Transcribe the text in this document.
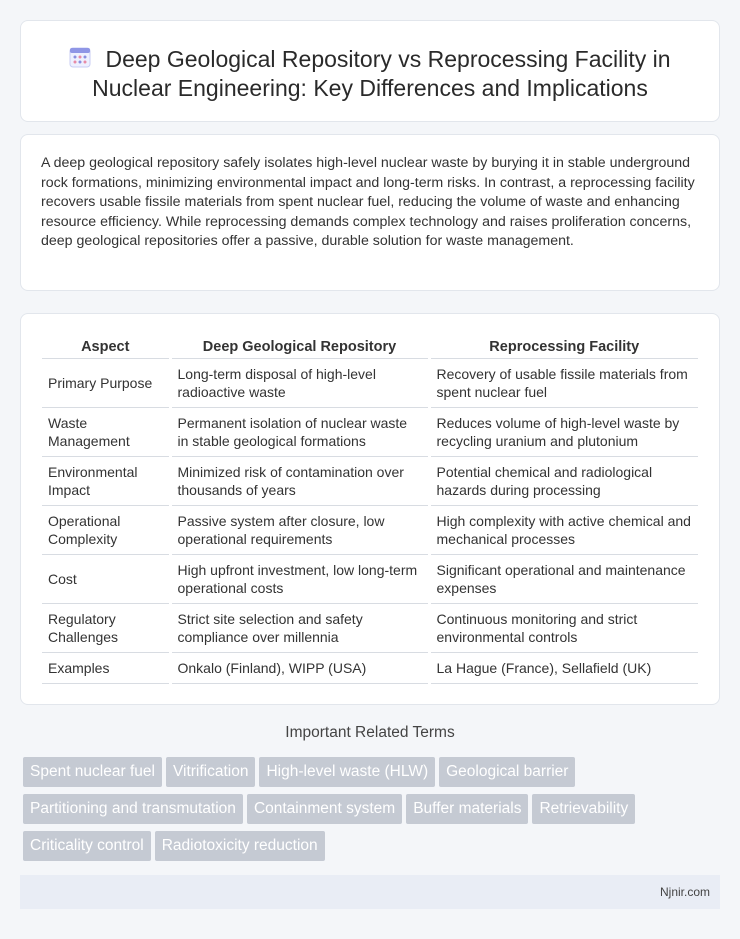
Deep Geological Repository vs Reprocessing Facility in Nuclear Engineering: Key Differences and Implications

A deep geological repository safely isolates high-level nuclear waste by burying it in stable underground rock formations, minimizing environmental impact and long-term risks. In contrast, a reprocessing facility recovers usable fissile materials from spent nuclear fuel, reducing the volume of waste and enhancing resource efficiency. While reprocessing demands complex technology and raises proliferation concerns, deep geological repositories offer a passive, durable solution for waste management.

Aspect	Deep Geological Repository	Reprocessing Facility
Primary Purpose	Long-term disposal of high-level radioactive waste	Recovery of usable fissile materials from spent nuclear fuel
Waste Management	Permanent isolation of nuclear waste in stable geological formations	Reduces volume of high-level waste by recycling uranium and plutonium
Environmental Impact	Minimized risk of contamination over thousands of years	Potential chemical and radiological hazards during processing
Operational Complexity	Passive system after closure, low operational requirements	High complexity with active chemical and mechanical processes
Cost	High upfront investment, low long-term operational costs	Significant operational and maintenance expenses
Regulatory Challenges	Strict site selection and safety compliance over millennia	Continuous monitoring and strict environmental controls
Examples	Onkalo (Finland), WIPP (USA)	La Hague (France), Sellafield (UK)
Important Related Terms
Spent nuclear fuel Vitrification High-level waste (HLW) Geological barrier
Partitioning and transmutation Containment system Buffer materials Retrievability
Criticality control Radiotoxicity reduction
Njnir.com
